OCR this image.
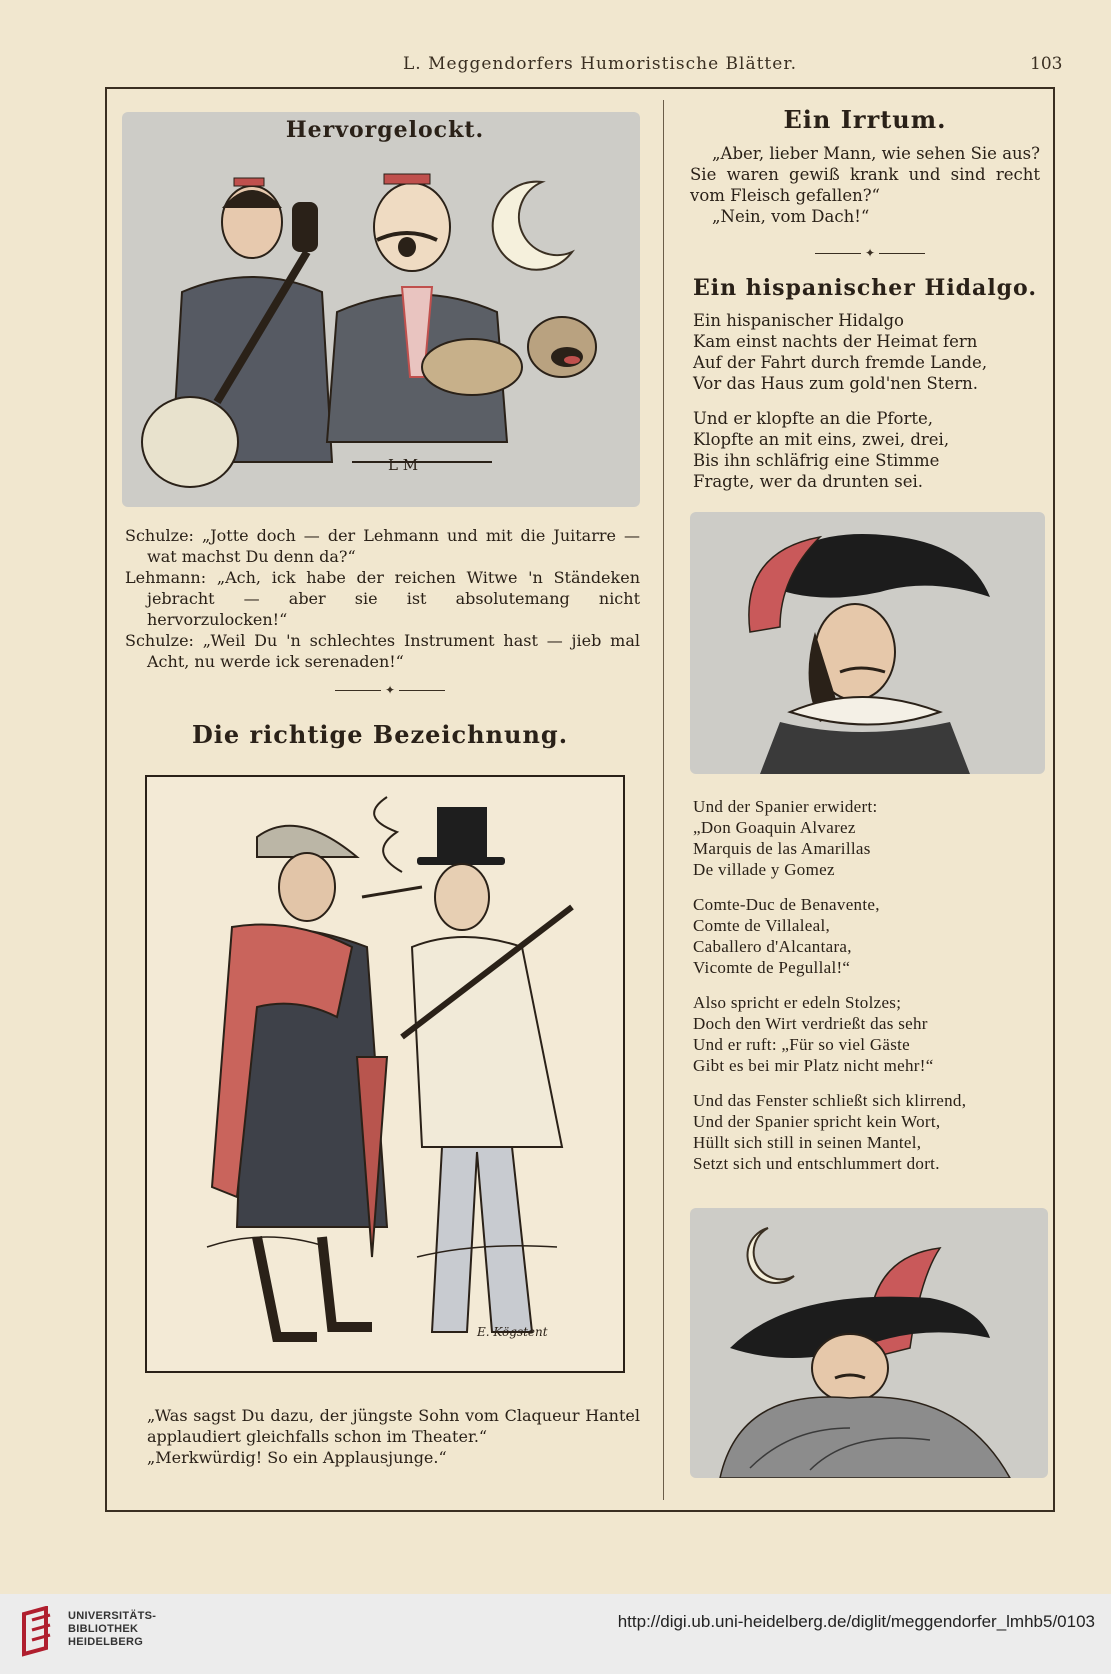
L. Meggendorfers Humoristische Blätter.	103
Hervorgelockt.
L M

Schulze: „Jotte doch — der Lehmann und mit die Juitarre — wat machst Du denn da?“

Lehmann: „Ach, ick habe der reichen Witwe 'n Ständeken jebracht — aber sie ist absolutemang nicht hervorzulocken!“

Schulze: „Weil Du 'n schlechtes Instrument hast — jieb mal Acht, nu werde ick serenaden!“

✦
Die richtige Bezeichnung.
E. Kögstent

„Was sagst Du dazu, der jüngste Sohn vom Claqueur Hantel applaudiert gleichfalls schon im Theater.“

„Merkwürdig! So ein Applausjunge.“

Ein Irrtum.

„Aber, lieber Mann, wie sehen Sie aus? Sie waren gewiß krank und sind recht vom Fleisch gefallen?“

„Nein, vom Dach!“

✦
Ein hispanischer Hidalgo.
Ein hispanischer Hidalgo
Kam einst nachts der Heimat fern
Auf der Fahrt durch fremde Lande,
Vor das Haus zum gold'nen Stern.
Und er klopfte an die Pforte,
Klopfte an mit eins, zwei, drei,
Bis ihn schläfrig eine Stimme
Fragte, wer da drunten sei.
Und der Spanier erwidert:
„Don Goaquin Alvarez
Marquis de las Amarillas
De villade y Gomez
Comte-Duc de Benavente,
Comte de Villaleal,
Caballero d'Alcantara,
Vicomte de Pegullal!“
Also spricht er edeln Stolzes;
Doch den Wirt verdrießt das sehr
Und er ruft: „Für so viel Gäste
Gibt es bei mir Platz nicht mehr!“
Und das Fenster schließt sich klirrend,
Und der Spanier spricht kein Wort,
Hüllt sich still in seinen Mantel,
Setzt sich und entschlummert dort.
UNIVERSITÄTS-
BIBLIOTHEK
HEIDELBERG
http://digi.ub.uni-heidelberg.de/diglit/meggendorfer_lmhb5/0103
